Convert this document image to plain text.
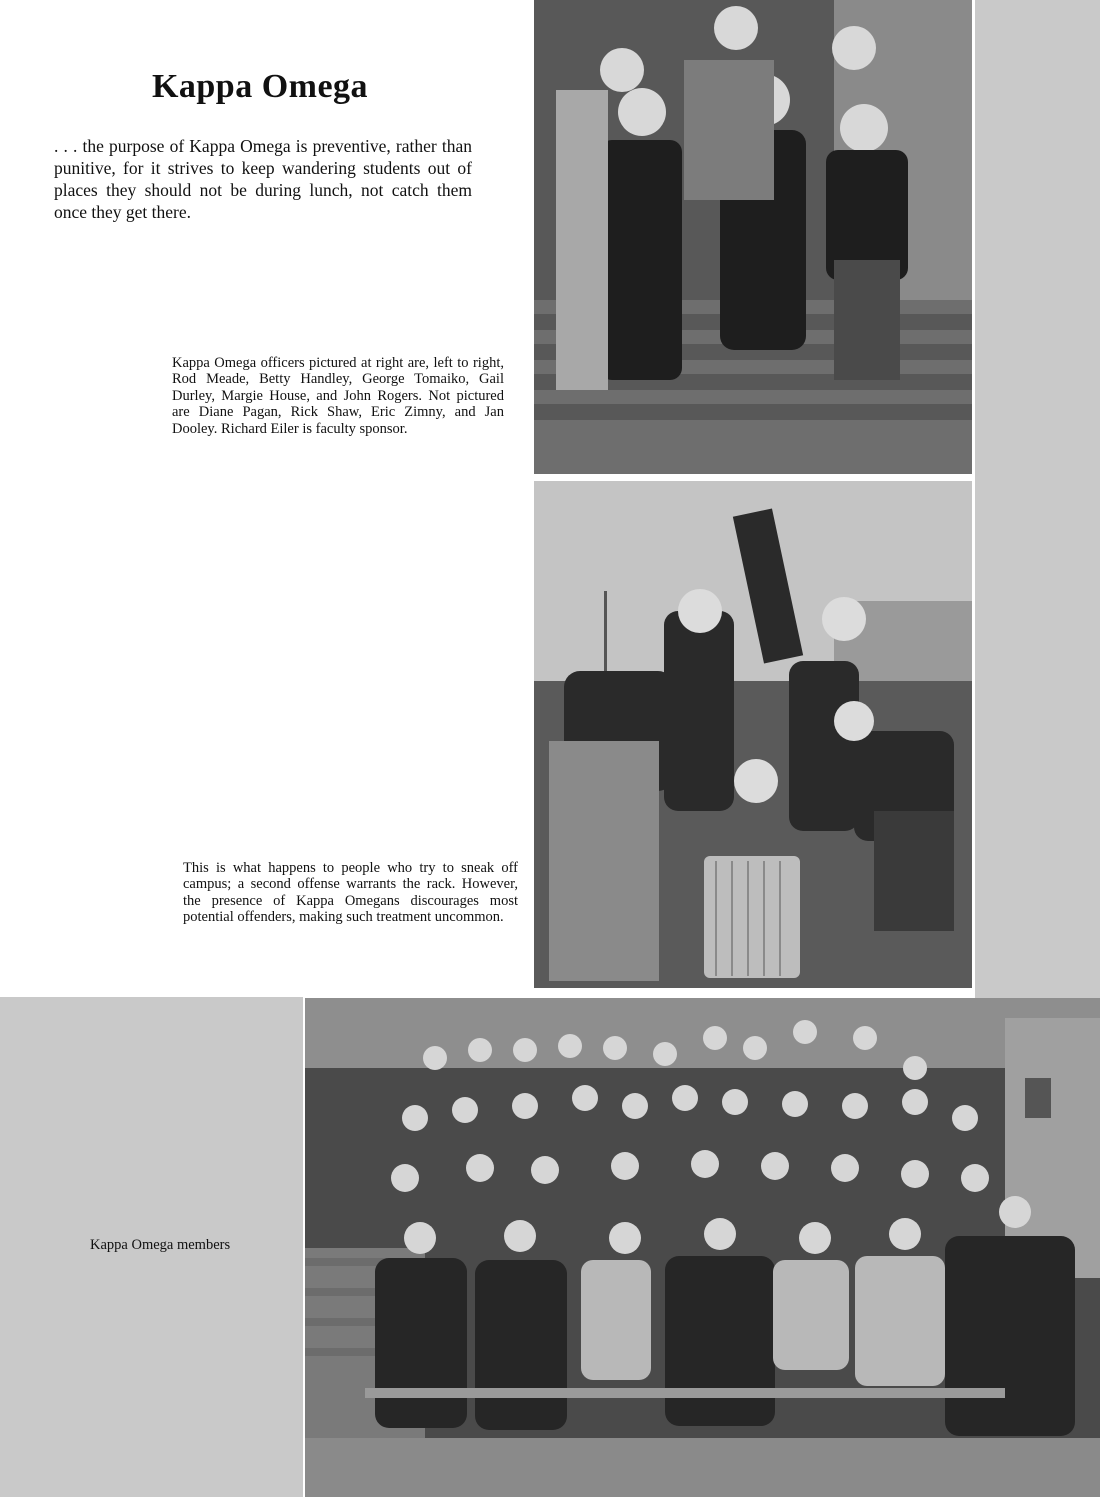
Kappa Omega

. . . the purpose of Kappa Omega is preventive, rather than punitive, for it strives to keep wandering students out of places they should not be during lunch, not catch them once they get there.

Kappa Omega officers pictured at right are, left to right, Rod Meade, Betty Handley, George Tomaiko, Gail Durley, Margie House, and John Rogers. Not pictured are Diane Pagan, Rick Shaw, Eric Zimny, and Jan Dooley. Richard Eiler is faculty sponsor.

This is what happens to people who try to sneak off campus; a second offense warrants the rack. However, the presence of Kappa Omegans discourages most potential offenders, making such treatment uncommon.

Kappa Omega members
